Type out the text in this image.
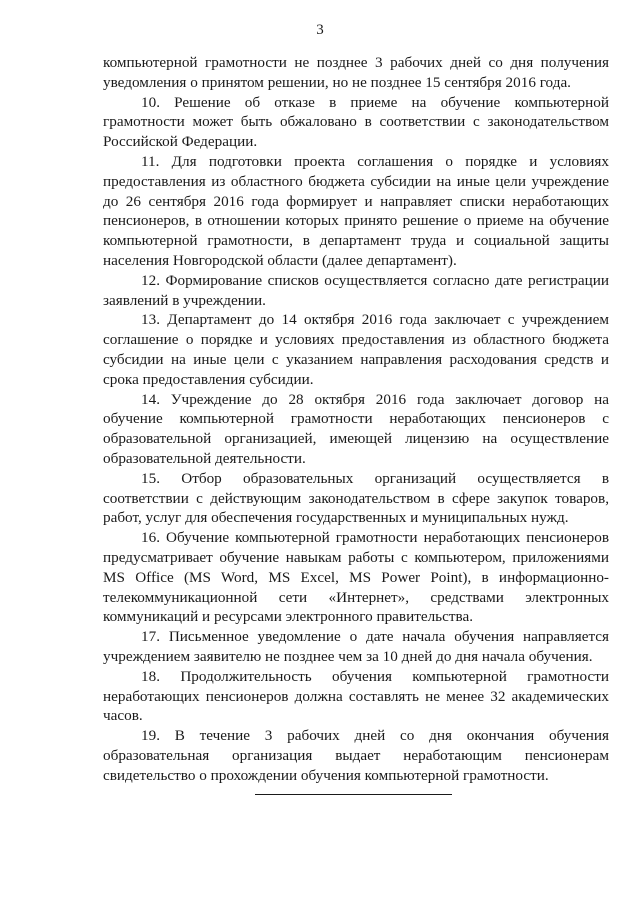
3

компьютерной грамотности не позднее 3 рабочих дней со дня получения уведомления о принятом решении, но не позднее 15 сентября 2016 года.

10. Решение об отказе в приеме на обучение компьютерной грамотности может быть обжаловано в соответствии с законодательством Российской Федерации.

11. Для подготовки проекта соглашения о порядке и условиях предоставления из областного бюджета субсидии на иные цели учреждение до 26 сентября 2016 года формирует и направляет списки неработающих пенсионеров, в отношении которых принято решение о приеме на обучение компьютерной грамотности, в департамент труда и социальной защиты населения Новгородской области (далее департамент).

12. Формирование списков осуществляется согласно дате регистрации заявлений в учреждении.

13. Департамент до 14 октября 2016 года заключает с учреждением соглашение о порядке и условиях предоставления из областного бюджета субсидии на иные цели с указанием направления расходования средств и срока предоставления субсидии.

14. Учреждение до 28 октября 2016 года заключает договор на обучение компьютерной грамотности неработающих пенсионеров с образовательной организацией, имеющей лицензию на осуществление образовательной деятельности.

15. Отбор образовательных организаций осуществляется в соответствии с действующим законодательством в сфере закупок товаров, работ, услуг для обеспечения государственных и муниципальных нужд.

16. Обучение компьютерной грамотности неработающих пенсионеров предусматривает обучение навыкам работы с компьютером, приложениями MS Office (MS Word, MS Excel, MS Power Point), в информационно-телекоммуникационной сети «Интернет», средствами электронных коммуникаций и ресурсами электронного правительства.

17. Письменное уведомление о дате начала обучения направляется учреждением заявителю не позднее чем за 10 дней до дня начала обучения.

18. Продолжительность обучения компьютерной грамотности неработающих пенсионеров должна составлять не менее 32 академических часов.

19. В течение 3 рабочих дней со дня окончания обучения образовательная организация выдает неработающим пенсионерам свидетельство о прохождении обучения компьютерной грамотности.
